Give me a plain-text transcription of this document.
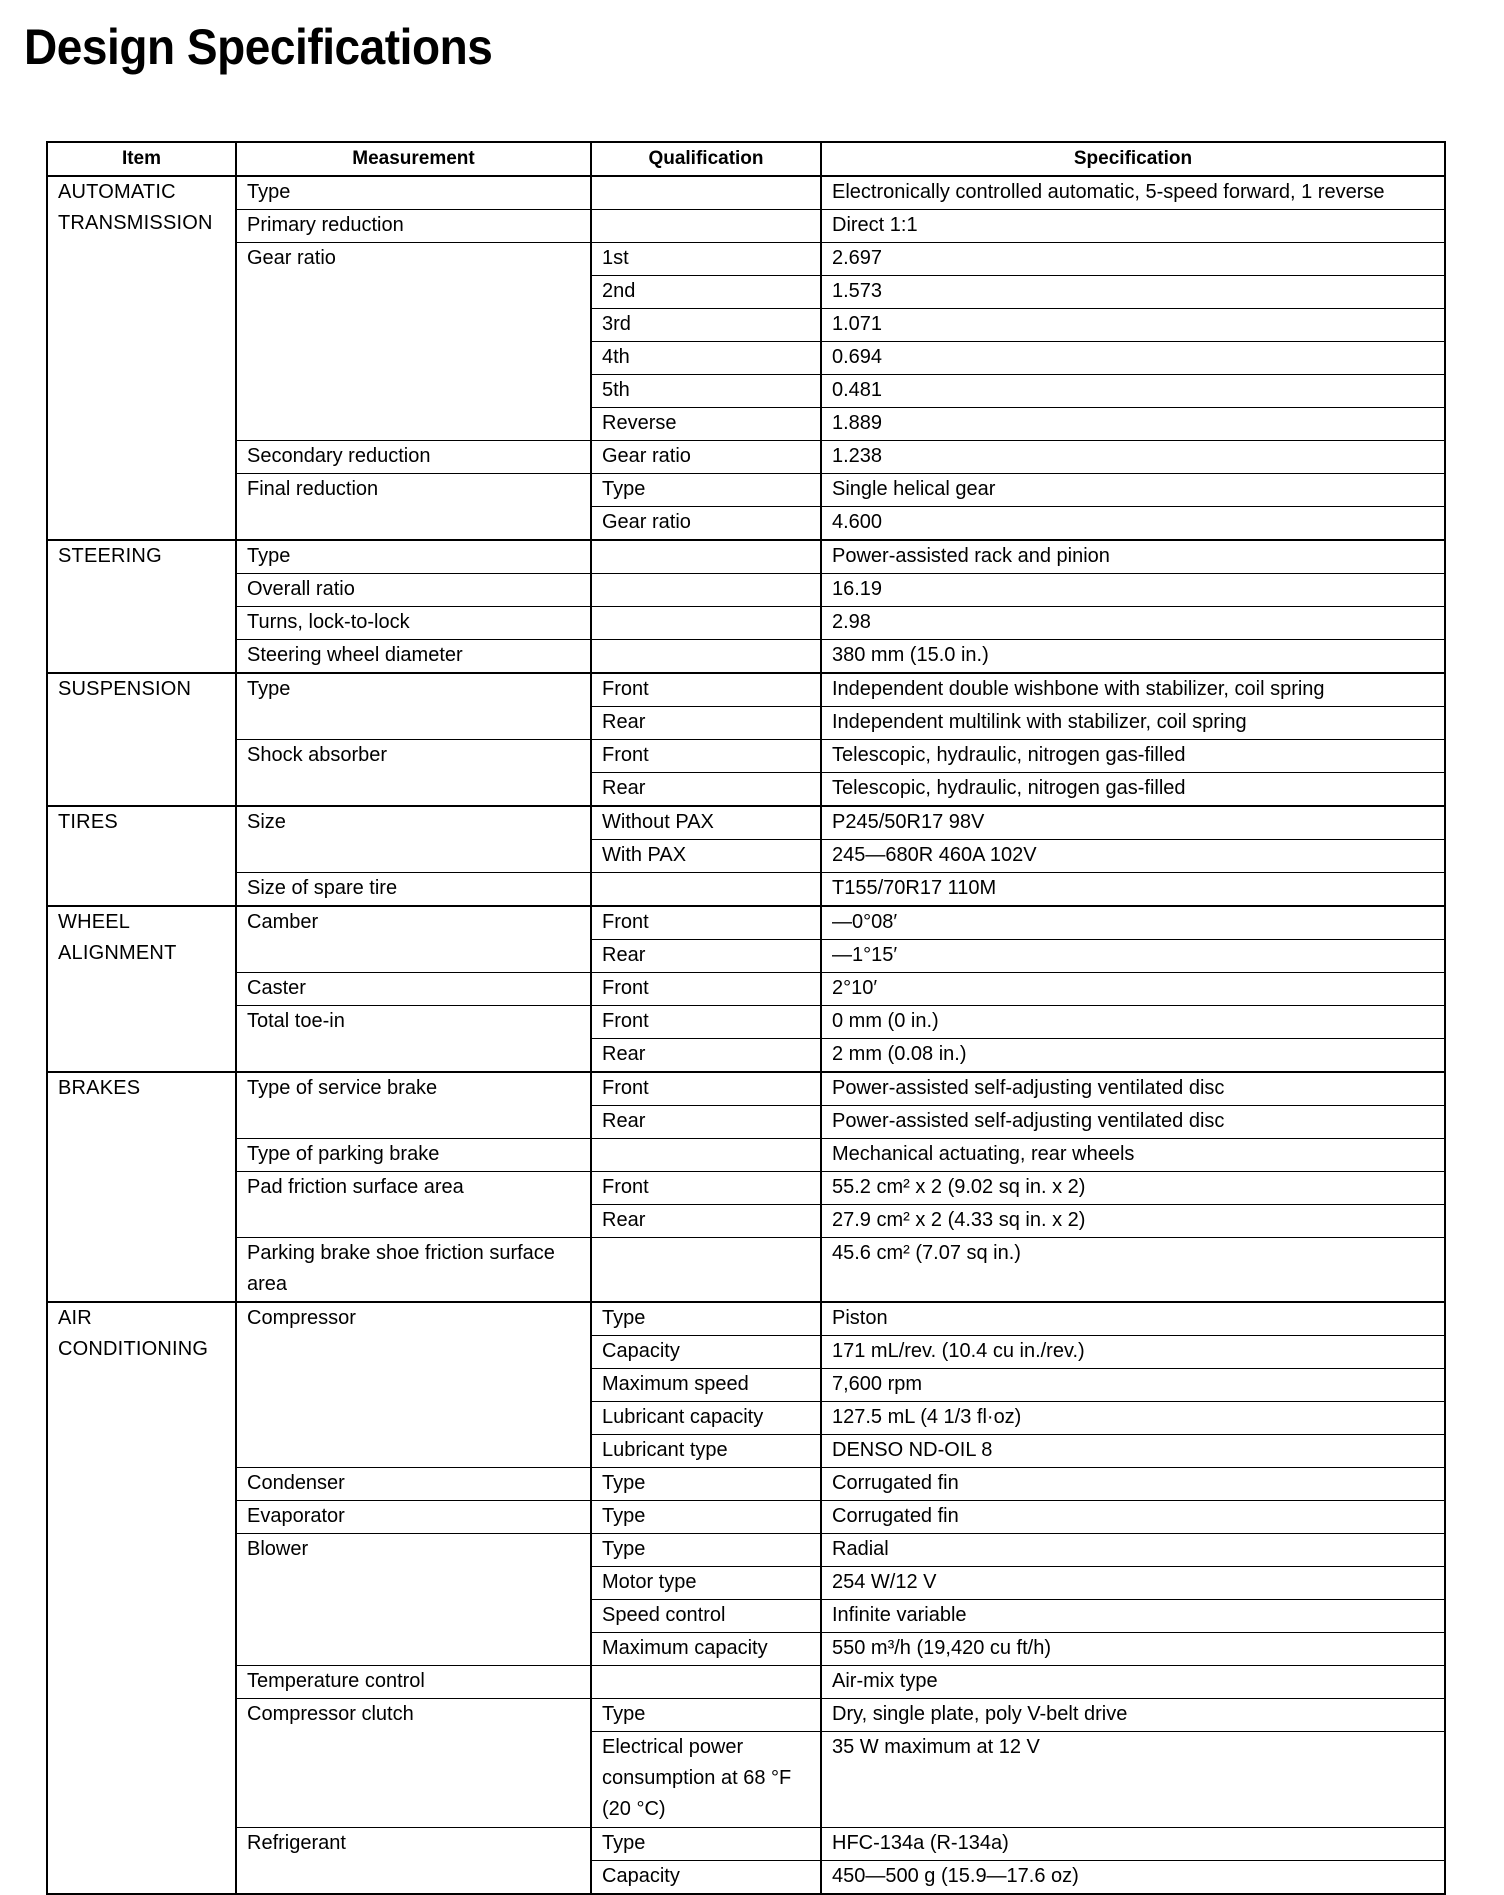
Design Specifications
Item	Measurement	Qualification	Specification
AUTOMATIC TRANSMISSION	Type		Electronically controlled automatic, 5-speed forward, 1 reverse
	Primary reduction		Direct 1:1
	Gear ratio	1st	2.697
		2nd	1.573
		3rd	1.071
		4th	0.694
		5th	0.481
		Reverse	1.889
	Secondary reduction	Gear ratio	1.238
	Final reduction	Type	Single helical gear
		Gear ratio	4.600
STEERING	Type		Power-assisted rack and pinion
	Overall ratio		16.19
	Turns, lock-to-lock		2.98
	Steering wheel diameter		380 mm (15.0 in.)
SUSPENSION	Type	Front	Independent double wishbone with stabilizer, coil spring
		Rear	Independent multilink with stabilizer, coil spring
	Shock absorber	Front	Telescopic, hydraulic, nitrogen gas-filled
		Rear	Telescopic, hydraulic, nitrogen gas-filled
TIRES	Size	Without PAX	P245/50R17 98V
		With PAX	245—680R 460A 102V
	Size of spare tire		T155/70R17 110M
WHEEL ALIGNMENT	Camber	Front	—0°08′
		Rear	—1°15′
	Caster	Front	2°10′
	Total toe-in	Front	0 mm (0 in.)
		Rear	2 mm (0.08 in.)
BRAKES	Type of service brake	Front	Power-assisted self-adjusting ventilated disc
		Rear	Power-assisted self-adjusting ventilated disc
	Type of parking brake		Mechanical actuating, rear wheels
	Pad friction surface area	Front	55.2 cm² x 2 (9.02 sq in. x 2)
		Rear	27.9 cm² x 2 (4.33 sq in. x 2)
	Parking brake shoe friction surface area		45.6 cm² (7.07 sq in.)
AIR CONDITIONING	Compressor	Type	Piston
		Capacity	171 mL/rev. (10.4 cu in./rev.)
		Maximum speed	7,600 rpm
		Lubricant capacity	127.5 mL (4 1/3 fl·oz)
		Lubricant type	DENSO ND-OIL 8
	Condenser	Type	Corrugated fin
	Evaporator	Type	Corrugated fin
	Blower	Type	Radial
		Motor type	254 W/12 V
		Speed control	Infinite variable
		Maximum capacity	550 m³/h (19,420 cu ft/h)
	Temperature control		Air-mix type
	Compressor clutch	Type	Dry, single plate, poly V-belt drive
		Electrical power consumption at 68 °F (20 °C)	35 W maximum at 12 V
	Refrigerant	Type	HFC-134a (R-134a)
		Capacity	450—500 g (15.9—17.6 oz)
